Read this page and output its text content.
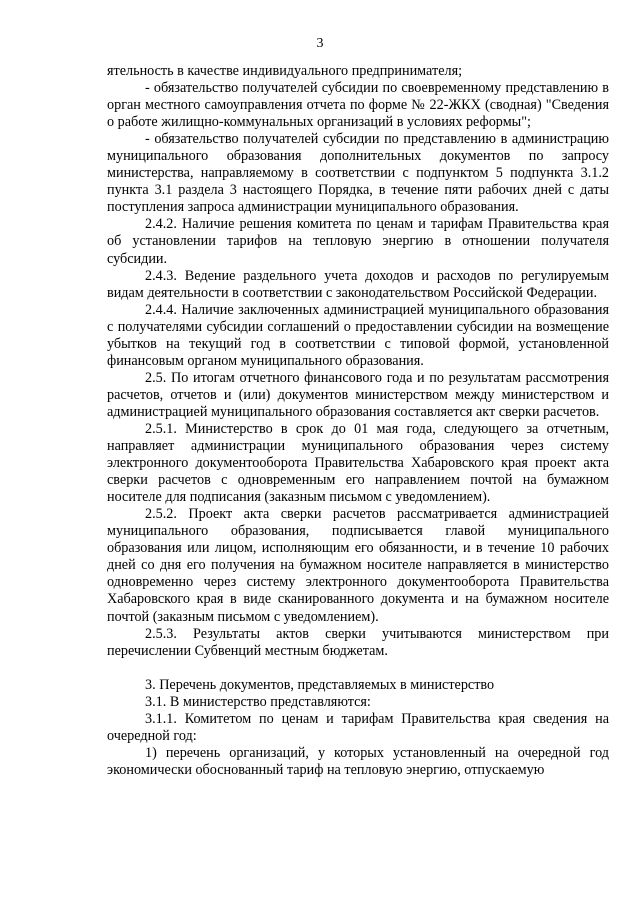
3

ятельность в качестве индивидуального предпринимателя;

- обязательство получателей субсидии по своевременному представлению в орган местного самоуправления отчета по форме № 22-ЖКХ (сводная) "Сведения о работе жилищно-коммунальных организаций в условиях реформы";

- обязательство получателей субсидии по представлению в администрацию муниципального образования дополнительных документов по запросу министерства, направляемому в соответствии с подпунктом 5 подпункта 3.1.2 пункта 3.1 раздела 3 настоящего Порядка, в течение пяти рабочих дней с даты поступления запроса администрации муниципального образования.

2.4.2. Наличие решения комитета по ценам и тарифам Правительства края об установлении тарифов на тепловую энергию в отношении получателя субсидии.

2.4.3. Ведение раздельного учета доходов и расходов по регулируемым видам деятельности в соответствии с законодательством Российской Федерации.

2.4.4. Наличие заключенных администрацией муниципального образования с получателями субсидии соглашений о предоставлении субсидии на возмещение убытков на текущий год в соответствии с типовой формой, установленной финансовым органом муниципального образования.

2.5. По итогам отчетного финансового года и по результатам рассмотрения расчетов, отчетов и (или) документов министерством между министерством и администрацией муниципального образования составляется акт сверки расчетов.

2.5.1. Министерство в срок до 01 мая года, следующего за отчетным, направляет администрации муниципального образования через систему электронного документооборота Правительства Хабаровского края проект акта сверки расчетов с одновременным его направлением почтой на бумажном носителе для подписания (заказным письмом с уведомлением).

2.5.2. Проект акта сверки расчетов рассматривается администрацией муниципального образования, подписывается главой муниципального образования или лицом, исполняющим его обязанности, и в течение 10 рабочих дней со дня его получения на бумажном носителе направляется в министерство одновременно через систему электронного документооборота Правительства Хабаровского края в виде сканированного документа и на бумажном носителе почтой (заказным письмом с уведомлением).

2.5.3. Результаты актов сверки учитываются министерством при перечислении Субвенций местным бюджетам.

3. Перечень документов, представляемых в министерство

3.1. В министерство представляются:

3.1.1. Комитетом по ценам и тарифам Правительства края сведения на очередной год:

1) перечень организаций, у которых установленный на очередной год экономически обоснованный тариф на тепловую энергию, отпускаемую
